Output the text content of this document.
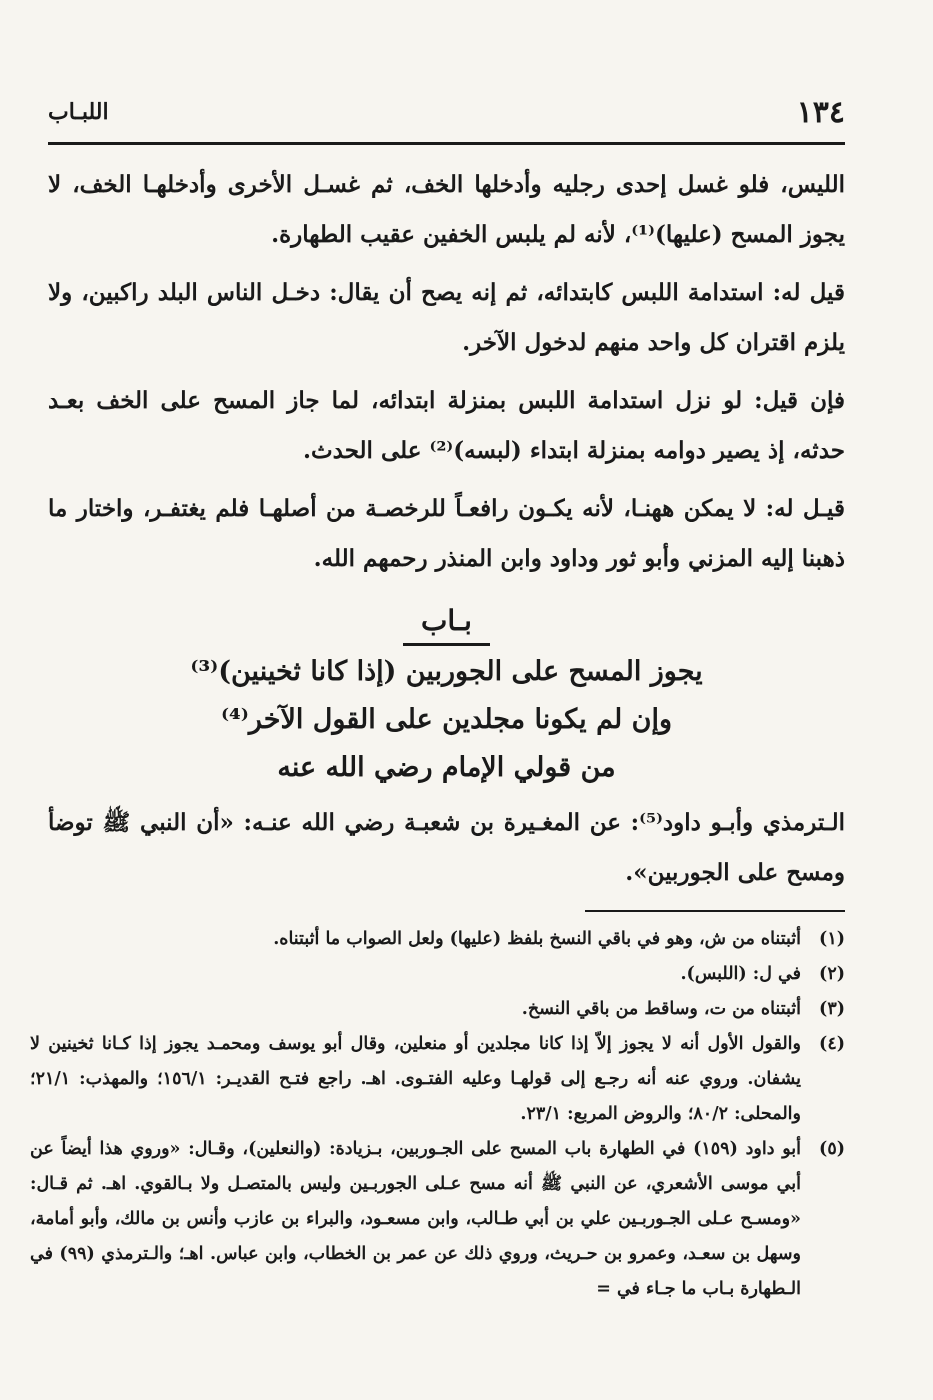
١٣٤
اللبـاب

الليس، فلو غسل إحدى رجليه وأدخلها الخف، ثم غسـل الأخرى وأدخلهـا الخف، لا يجوز المسح (عليها)⁽¹⁾، لأنه لم يلبس الخفين عقيب الطهارة.

قيل له: استدامة اللبس كابتدائه، ثم إنه يصح أن يقال: دخـل الناس البلد راكبين، ولا يلزم اقتران كل واحد منهم لدخول الآخر.

فإن قيل: لو نزل استدامة اللبس بمنزلة ابتدائه، لما جاز المسح على الخف بعـد حدثه، إذ يصير دوامه بمنزلة ابتداء (لبسه)⁽²⁾ على الحدث.

قيـل له: لا يمكن ههنـا، لأنه يكـون رافعـاً للرخصـة من أصلهـا فلم يغتفـر، واختار ما ذهبنا إليه المزني وأبو ثور وداود وابن المنذر رحمهم الله.

بـاب
يجوز المسح على الجوربين (إذا كانا ثخينين)⁽³⁾
وإن لم يكونا مجلدين على القول الآخر⁽⁴⁾
من قولي الإمام رضي الله عنه

الـترمذي وأبـو داود⁽⁵⁾: عن المغـيرة بن شعبـة رضي الله عنـه: «أن النبي ﷺ توضأ ومسح على الجوربين».

(١)
أثبتناه من ش، وهو في باقي النسخ بلفظ (عليها) ولعل الصواب ما أثبتناه.
(٢)
في ل: (اللبس).
(٣)
أثبتناه من ت، وساقط من باقي النسخ.
(٤)
والقول الأول أنه لا يجوز إلاّ إذا كانا مجلدين أو منعلين، وقال أبو يوسف ومحمـد يجوز إذا كـانا ثخينين لا يشفان. وروي عنه أنه رجـع إلى قولهـا وعليه الفتـوى. اهـ. راجع فتـح القديـر: ١٥٦/١؛ والمهذب: ٢١/١؛ والمحلى: ٨٠/٢؛ والروض المربع: ٢٣/١.
(٥)
أبو داود (١٥٩) في الطهارة باب المسح على الجـوربين، بـزيادة: (والنعلين)، وقـال: «وروي هذا أيضاً عن أبي موسى الأشعري، عن النبي ﷺ أنه مسح عـلى الجوربـين وليس بالمتصـل ولا بـالقوي. اهـ. ثم قـال: «ومسـح عـلى الجـوربـين علي بن أبي طـالب، وابن مسعـود، والبراء بن عازب وأنس بن مالك، وأبو أمامة، وسهل بن سعـد، وعمرو بن حـريث، وروي ذلك عن عمر بن الخطاب، وابن عباس. اهـ؛ والـترمذي (٩٩) في الـطهارة بـاب ما جـاء في =
